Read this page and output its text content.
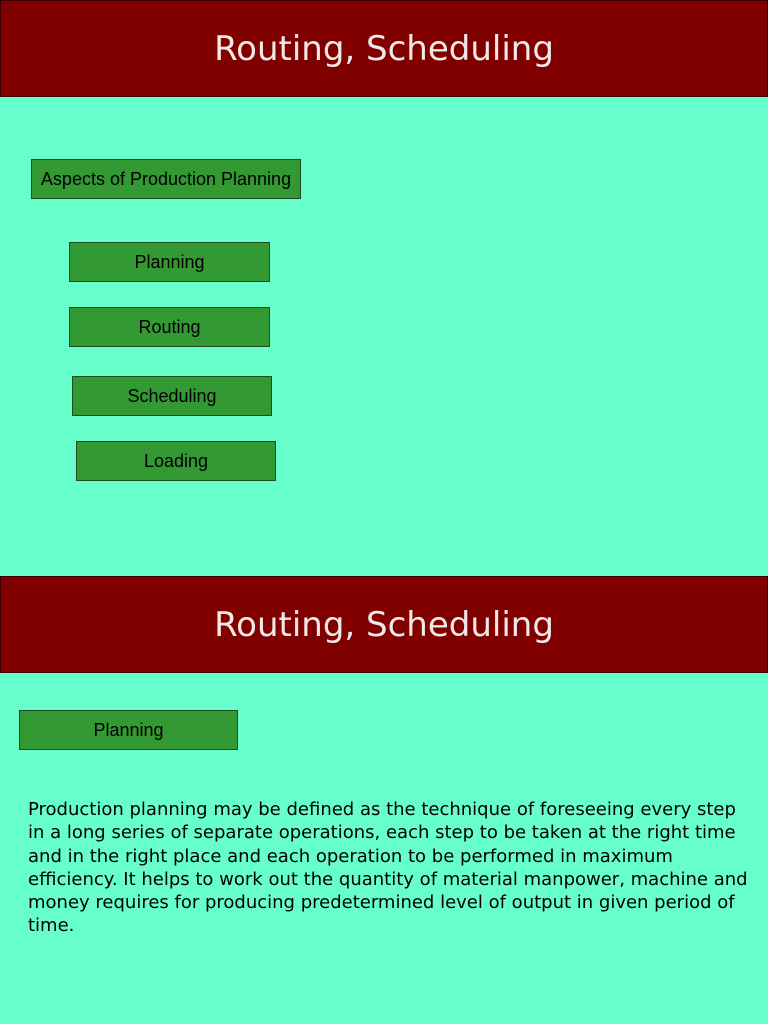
Routing, Scheduling
Aspects of Production Planning
Planning
Routing
Scheduling
Loading
Routing, Scheduling
Planning

Production planning may be defined as the technique of foreseeing every step in a long series of separate operations, each step to be taken at the right time and in the right place and each operation to be performed in maximum efficiency. It helps to work out the quantity of material manpower, machine and money requires for producing predetermined level of output in given period of time.
